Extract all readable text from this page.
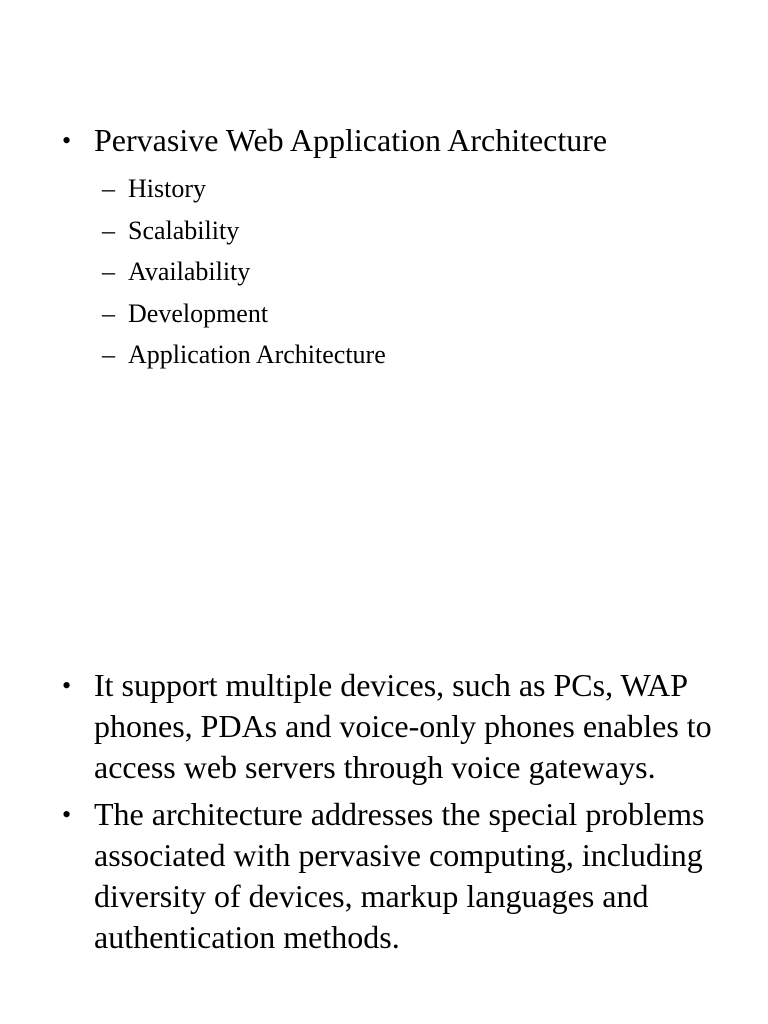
• Pervasive Web Application Architecture
– History
– Scalability
– Availability
– Development
– Application Architecture
• It support multiple devices, such as PCs, WAP phones, PDAs and voice-only phones enables to access web servers through voice gateways.
• The architecture addresses the special problems associated with pervasive computing, including diversity of devices, markup languages and authentication methods.
